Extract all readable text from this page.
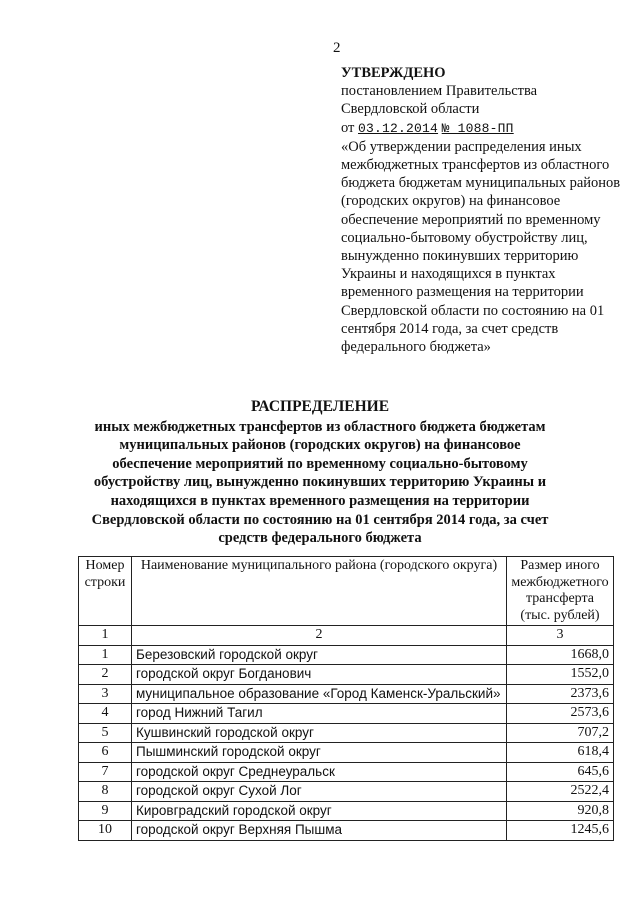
2
УТВЕРЖДЕНО
постановлением Правительства
Свердловской области
от 03.12.2014 № 1088-ПП
«Об утверждении распределения иных межбюджетных трансфертов из областного бюджета бюджетам муниципальных районов (городских округов) на финансовое обеспечение мероприятий по временному социально-бытовому обустройству лиц, вынужденно покинувших территорию Украины и находящихся в пунктах временного размещения на территории Свердловской области по состоянию на 01 сентября 2014 года, за счет средств федерального бюджета»
РАСПРЕДЕЛЕНИЕ
иных межбюджетных трансфертов из областного бюджета бюджетам муниципальных районов (городских округов) на финансовое обеспечение мероприятий по временному социально-бытовому обустройству лиц, вынужденно покинувших территорию Украины и находящихся в пунктах временного размещения на территории Свердловской области по состоянию на 01 сентября 2014 года, за счет средств федерального бюджета
Номер строки	Наименование муниципального района (городского округа)	Размер иного межбюджетного трансферта (тыс. рублей)
1	2	3
1	Березовский городской округ	1668,0
2	городской округ Богданович	1552,0
3	муниципальное образование «Город Каменск-Уральский»	2373,6
4	город Нижний Тагил	2573,6
5	Кушвинский городской округ	707,2
6	Пышминский городской округ	618,4
7	городской округ Среднеуральск	645,6
8	городской округ Сухой Лог	2522,4
9	Кировградский городской округ	920,8
10	городской округ Верхняя Пышма	1245,6
